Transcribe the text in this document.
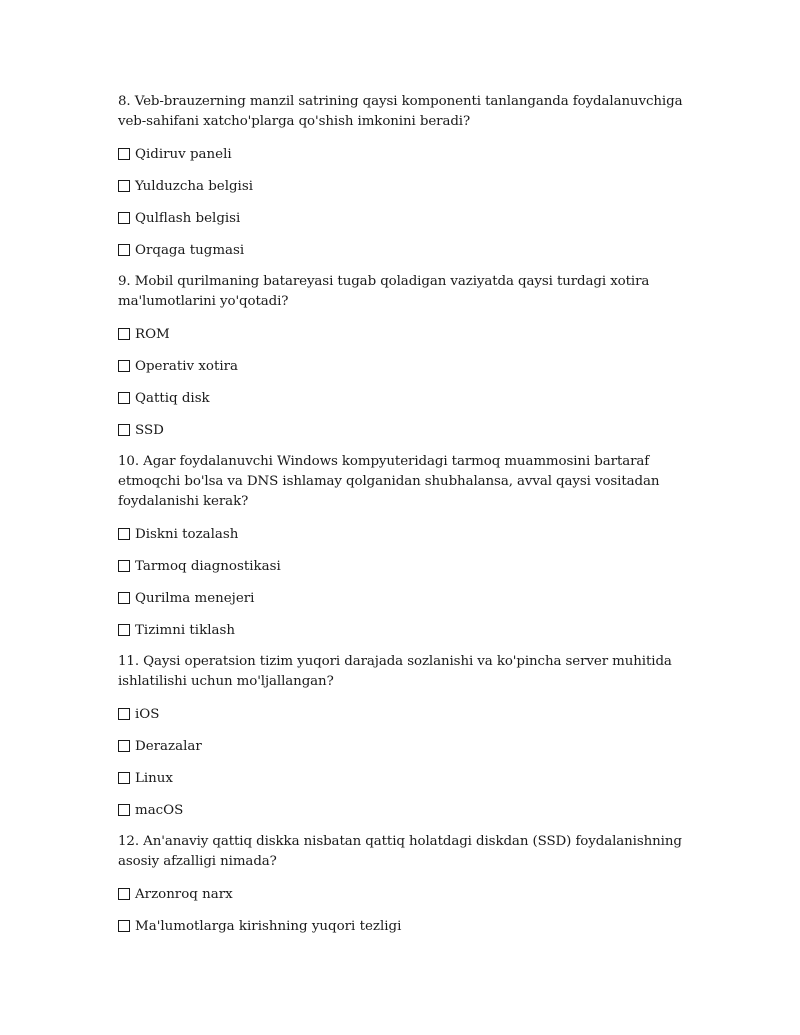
8. Veb-brauzerning manzil satrining qaysi komponenti tanlanganda foydalanuvchiga veb-sahifani xatcho'plarga qo'shish imkonini beradi?

Qidiruv paneli
Yulduzcha belgisi
Qulflash belgisi
Orqaga tugmasi

9. Mobil qurilmaning batareyasi tugab qoladigan vaziyatda qaysi turdagi xotira ma'lumotlarini yo'qotadi?

ROM
Operativ xotira
Qattiq disk
SSD

10. Agar foydalanuvchi Windows kompyuteridagi tarmoq muammosini bartaraf etmoqchi bo'lsa va DNS ishlamay qolganidan shubhalansa, avval qaysi vositadan foydalanishi kerak?

Diskni tozalash
Tarmoq diagnostikasi
Qurilma menejeri
Tizimni tiklash

11. Qaysi operatsion tizim yuqori darajada sozlanishi va ko'pincha server muhitida ishlatilishi uchun mo'ljallangan?

iOS
Derazalar
Linux
macOS

12. An'anaviy qattiq diskka nisbatan qattiq holatdagi diskdan (SSD) foydalanishning asosiy afzalligi nimada?

Arzonroq narx
Ma'lumotlarga kirishning yuqori tezligi
